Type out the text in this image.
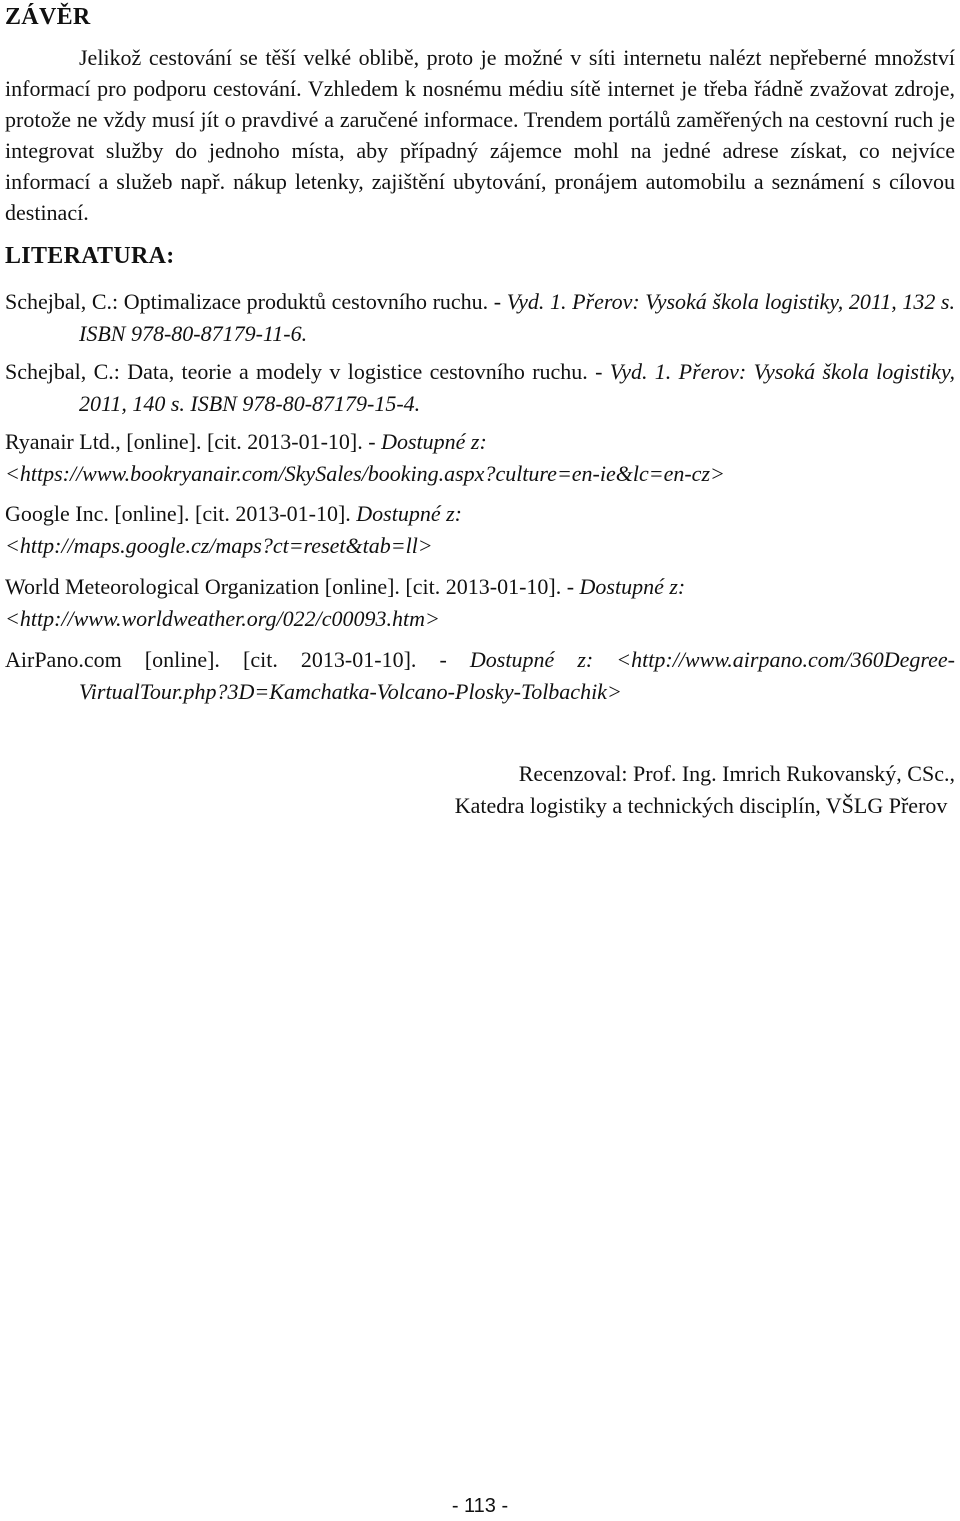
ZÁVĚR

Jelikož cestování se těší velké oblibě, proto je možné v síti internetu nalézt nepřeberné množství informací pro podporu cestování. Vzhledem k nosnému médiu sítě internet je třeba řádně zvažovat zdroje, protože ne vždy musí jít o pravdivé a zaručené informace. Trendem portálů zaměřených na cestovní ruch je integrovat služby do jednoho místa, aby případný zájemce mohl na jedné adrese získat, co nejvíce informací a služeb např. nákup letenky, zajištění ubytování, pronájem automobilu a seznámení s cílovou destinací.

LITERATURA:

Schejbal, C.: Optimalizace produktů cestovního ruchu. - Vyd. 1. Přerov: Vysoká škola logistiky, 2011, 132 s. ISBN 978-80-87179-11-6.

Schejbal, C.: Data, teorie a modely v logistice cestovního ruchu. - Vyd. 1. Přerov: Vysoká škola logistiky, 2011, 140 s. ISBN 978-80-87179-15-4.

Ryanair Ltd., [online]. [cit. 2013-01-10]. - Dostupné z:
<https://www.bookryanair.com/SkySales/booking.aspx?culture=en-ie&lc=en-cz>

Google Inc. [online]. [cit. 2013-01-10]. Dostupné z:
<http://maps.google.cz/maps?ct=reset&tab=ll>

World Meteorological Organization [online]. [cit. 2013-01-10]. - Dostupné z:
<http://www.worldweather.org/022/c00093.htm>

AirPano.com [online]. [cit. 2013-01-10]. - Dostupné z: <http://www.airpano.com/360Degree-VirtualTour.php?3D=Kamchatka-Volcano-Plosky-Tolbachik>

Recenzoval: Prof. Ing. Imrich Rukovanský, CSc.,
Katedra logistiky a technických disciplín, VŠLG Přerov
- 113 -
